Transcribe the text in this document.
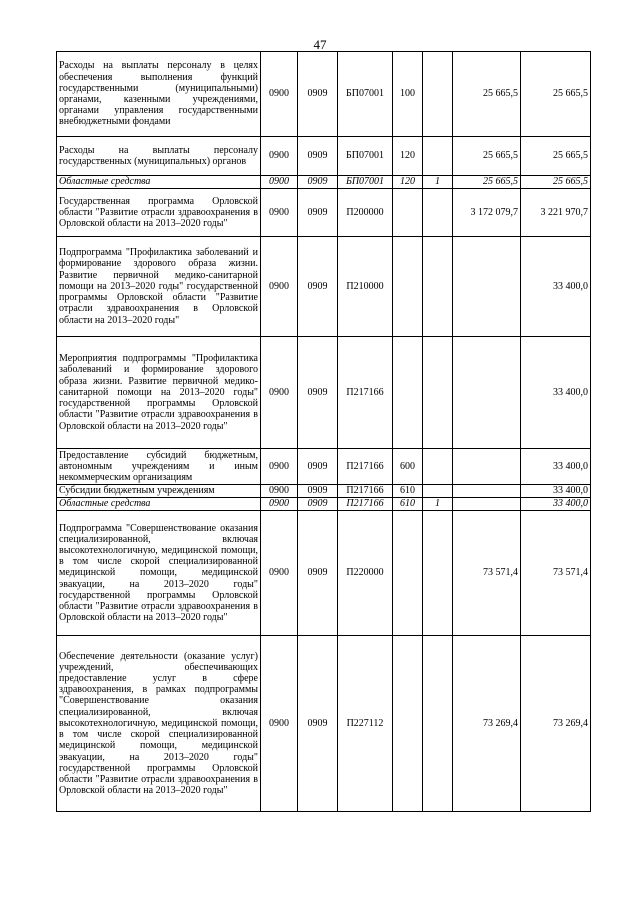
47
Расходы на выплаты персоналу в целях обеспечения выполнения функций государственными (муниципальными) органами, казенными учреждениями, органами управления государственными внебюджетными фондами	0900	0909	БП07001	100		25 665,5	25 665,5
Расходы на выплаты персоналу государственных (муниципальных) органов	0900	0909	БП07001	120		25 665,5	25 665,5
Областные средства	0900	0909	БП07001	120	1	25 665,5	25 665,5
Государственная программа Орловской области "Развитие отрасли здравоохранения в Орловской области на 2013–2020 годы"	0900	0909	П200000			3 172 079,7	3 221 970,7
Подпрограмма "Профилактика заболеваний и формирование здорового образа жизни. Развитие первичной медико-санитарной помощи на 2013–2020 годы" государственной программы Орловской области "Развитие отрасли здравоохранения в Орловской области на 2013–2020 годы"	0900	0909	П210000				33 400,0
Мероприятия подпрограммы "Профилактика заболеваний и формирование здорового образа жизни. Развитие первичной медико-санитарной помощи на 2013–2020 годы" государственной программы Орловской области "Развитие отрасли здравоохранения в Орловской области на 2013–2020 годы"	0900	0909	П217166				33 400,0
Предоставление субсидий бюджетным, автономным учреждениям и иным некоммерческим организациям	0900	0909	П217166	600			33 400,0
Субсидии бюджетным учреждениям	0900	0909	П217166	610			33 400,0
Областные средства	0900	0909	П217166	610	1		33 400,0
Подпрограмма "Совершенствование оказания специализированной, включая высокотехнологичную, медицинской помощи, в том числе скорой специализированной медицинской помощи, медицинской эвакуации, на 2013–2020 годы" государственной программы Орловской области "Развитие отрасли здравоохранения в Орловской области на 2013–2020 годы"	0900	0909	П220000			73 571,4	73 571,4
Обеспечение деятельности (оказание услуг) учреждений, обеспечивающих предоставление услуг в сфере здравоохранения, в рамках подпрограммы "Совершенствование оказания специализированной, включая высокотехнологичную, медицинской помощи, в том числе скорой специализированной медицинской помощи, медицинской эвакуации, на 2013–2020 годы" государственной программы Орловской области "Развитие отрасли здравоохранения в Орловской области на 2013–2020 годы"	0900	0909	П227112			73 269,4	73 269,4
